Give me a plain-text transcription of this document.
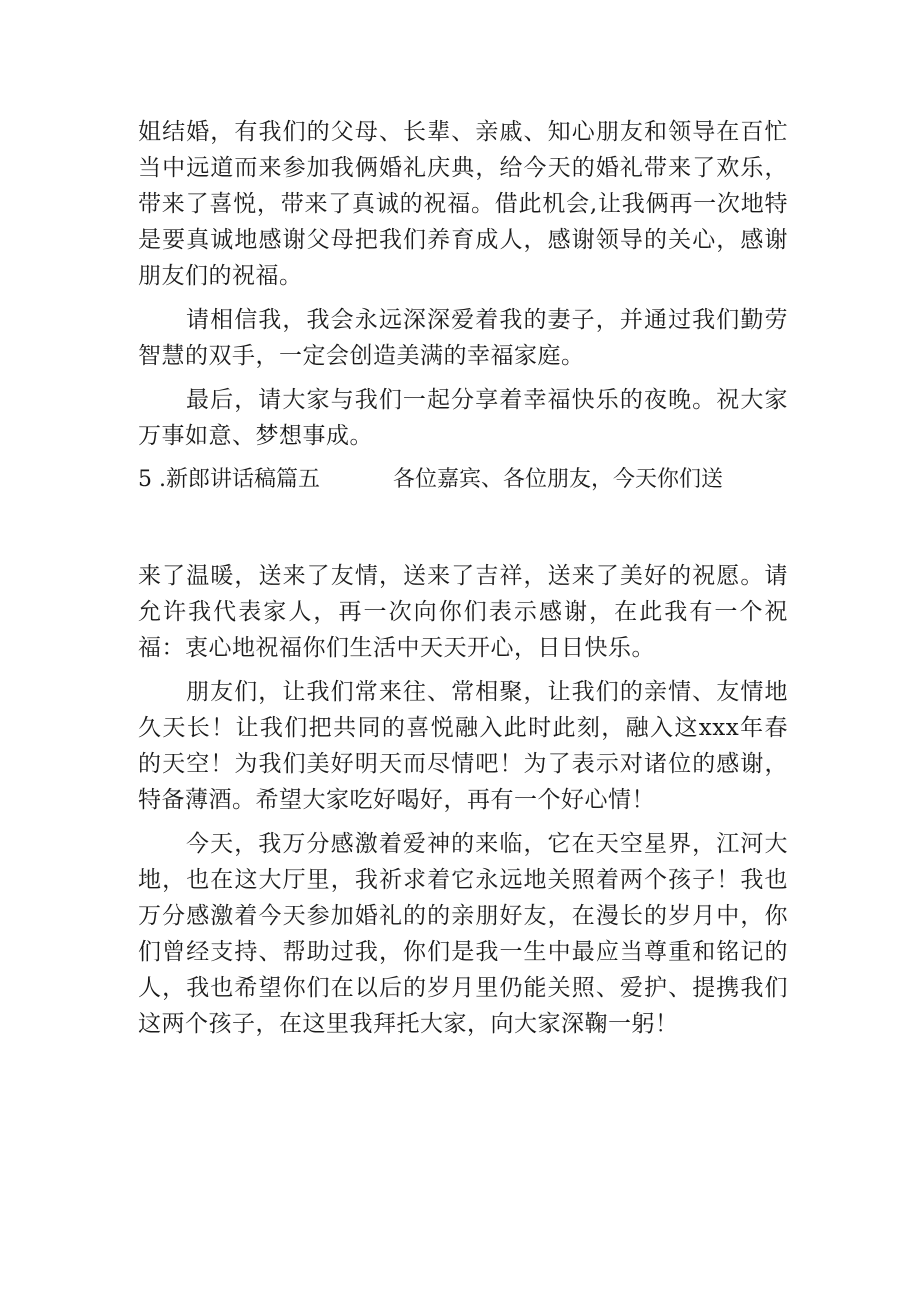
姐结婚，有我们的父母、长辈、亲戚、知心朋友和领导在百忙当中远道而来参加我俩婚礼庆典，给今天的婚礼带来了欢乐，带来了喜悦，带来了真诚的祝福。借此机会,让我俩再一次地特是要真诚地感谢父母把我们养育成人，感谢领导的关心，感谢朋友们的祝福。

请相信我，我会永远深深爱着我的妻子，并通过我们勤劳智慧的双手，一定会创造美满的幸福家庭。

最后，请大家与我们一起分享着幸福快乐的夜晚。祝大家万事如意、梦想事成。

5 .新郎讲话稿篇五	各位嘉宾、各位朋友，今天你们送

来了温暖，送来了友情，送来了吉祥，送来了美好的祝愿。请允许我代表家人，再一次向你们表示感谢，在此我有一个祝福：衷心地祝福你们生活中天天开心，日日快乐。

朋友们，让我们常来往、常相聚，让我们的亲情、友情地久天长！让我们把共同的喜悦融入此时此刻，融入这xxx年春的天空！为我们美好明天而尽情吧！为了表示对诸位的感谢，特备薄酒。希望大家吃好喝好，再有一个好心情！

今天，我万分感激着爱神的来临，它在天空星界，江河大地，也在这大厅里，我祈求着它永远地关照着两个孩子！我也万分感激着今天参加婚礼的的亲朋好友，在漫长的岁月中，你们曾经支持、帮助过我，你们是我一生中最应当尊重和铭记的人，我也希望你们在以后的岁月里仍能关照、爱护、提携我们这两个孩子，在这里我拜托大家，向大家深鞠一躬！
